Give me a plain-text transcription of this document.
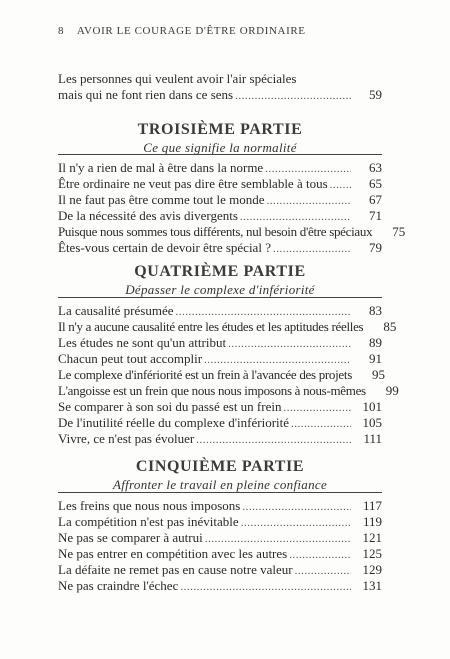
8 AVOIR LE COURAGE D'ÊTRE ORDINAIRE
Les personnes qui veulent avoir l'air spéciales
mais qui ne font rien dans ce sens .....	59
TROISIÈME PARTIE
Ce que signifie la normalité
Il n'y a rien de mal à être dans la norme .....	63
Être ordinaire ne veut pas dire être semblable à tous .....	65
Il ne faut pas être comme tout le monde .....	67
De la nécessité des avis divergents .....	71
Puisque nous sommes tous différents, nul besoin d'être spéciaux	75
Êtes-vous certain de devoir être spécial ? .....	79
QUATRIÈME PARTIE
Dépasser le complexe d'infériorité
La causalité présumée .....	83
Il n'y a aucune causalité entre les études et les aptitudes réelles	85
Les études ne sont qu'un attribut .....	89
Chacun peut tout accomplir .....	91
Le complexe d'infériorité est un frein à l'avancée des projets	95
L'angoisse est un frein que nous nous imposons à nous-mêmes	99
Se comparer à son soi du passé est un frein .....	101
De l'inutilité réelle du complexe d'infériorité .....	105
Vivre, ce n'est pas évoluer .....	111
CINQUIÈME PARTIE
Affronter le travail en pleine confiance
Les freins que nous nous imposons .....	117
La compétition n'est pas inévitable .....	119
Ne pas se comparer à autrui .....	121
Ne pas entrer en compétition avec les autres .....	125
La défaite ne remet pas en cause notre valeur .....	129
Ne pas craindre l'échec .....	131
